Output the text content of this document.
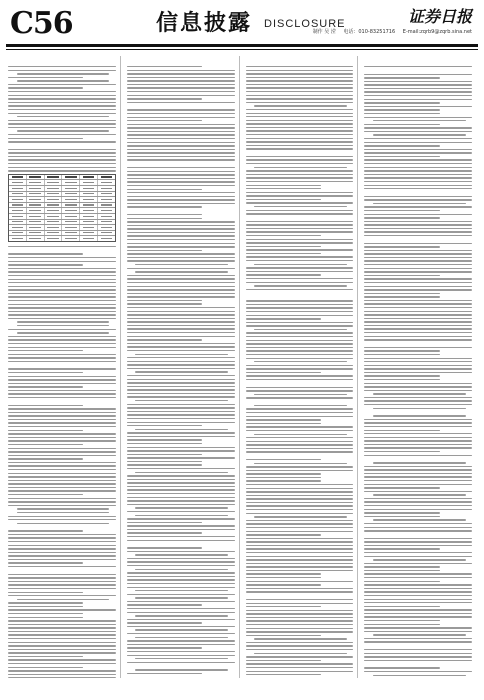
C56	信息披露 DISCLOSURE	证券日报
制作 吴 滢 电话：010-83251716 E-mail:zqrb9@zqrb.sina.net
